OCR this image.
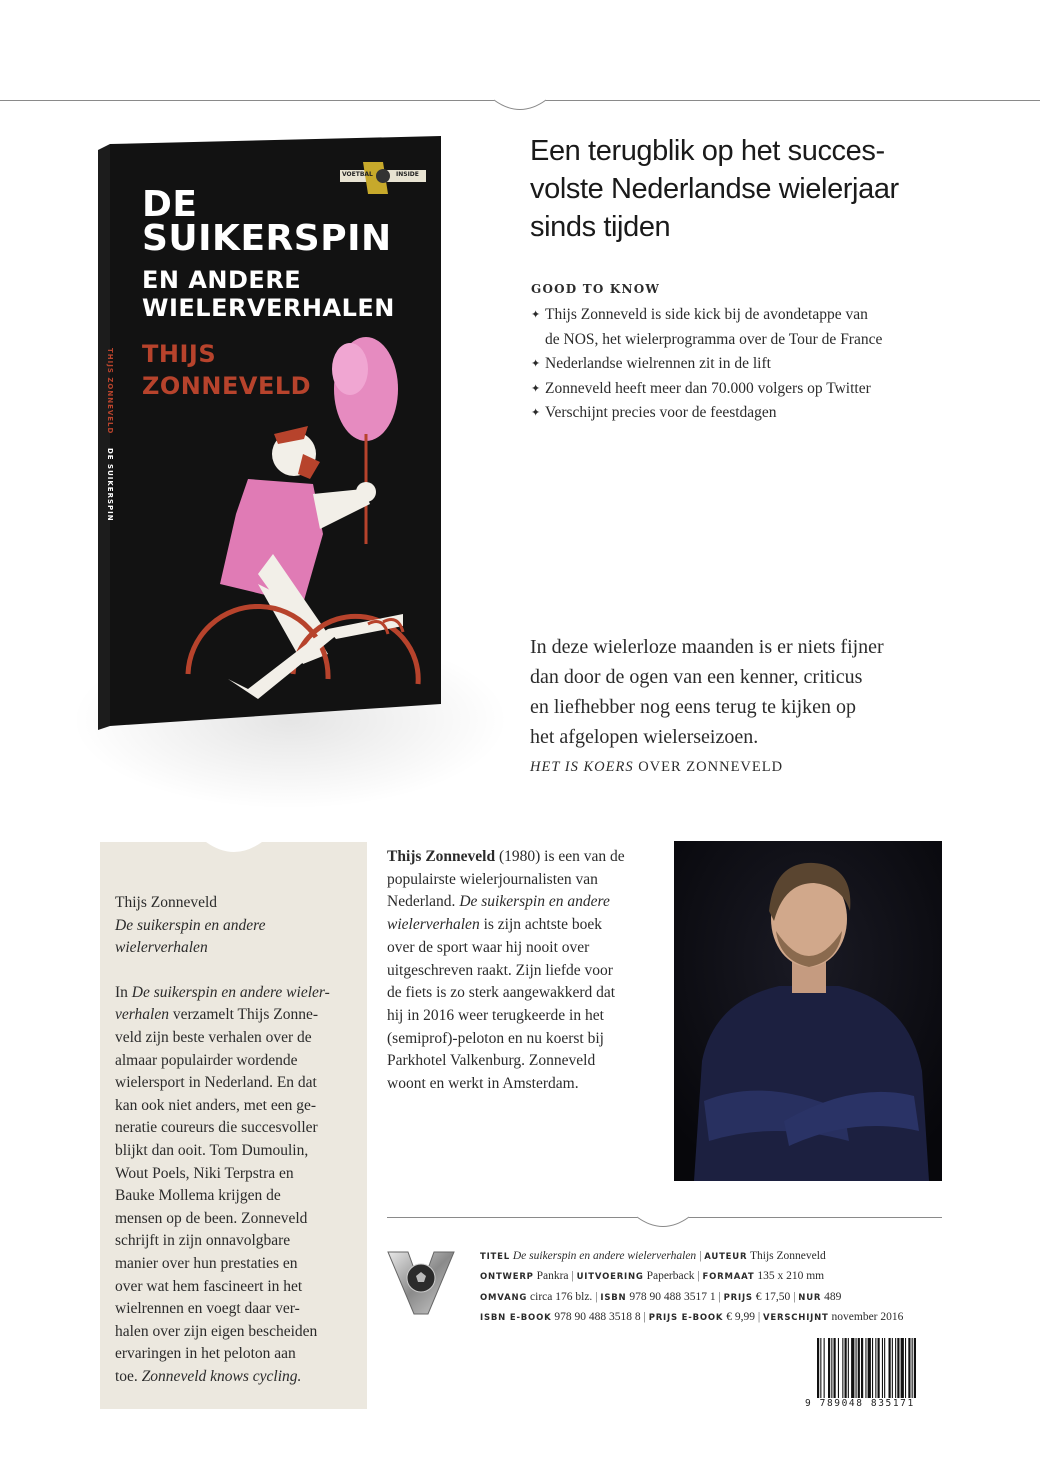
DE
SUIKERSPIN
EN ANDERE
WIELERVERHALEN
THIJS
ZONNEVELD
VOETBAL	INSIDE
THIJS ZONNEVELD
DE SUIKERSPIN
Een terugblik op het succes-
volste Nederlandse wielerjaar
sinds tijden
GOOD TO KNOW
✦ Thijs Zonneveld is side kick bij de avondetappe van
de NOS, het wielerprogramma over de Tour de France
✦ Nederlandse wielrennen zit in de lift
✦ Zonneveld heeft meer dan 70.000 volgers op Twitter
✦ Verschijnt precies voor de feestdagen
In deze wielerloze maanden is er niets fijner
dan door de ogen van een kenner, criticus
en liefhebber nog eens terug te kijken op
het afgelopen wielerseizoen.
HET IS KOERS OVER ZONNEVELD
Thijs Zonneveld
De suikerspin en andere
wielerverhalen
In De suikerspin en andere wieler-
verhalen verzamelt Thijs Zonne-
veld zijn beste verhalen over de
almaar populairder wordende
wielersport in Nederland. En dat
kan ook niet anders, met een ge-
neratie coureurs die succesvoller
blijkt dan ooit. Tom Dumoulin,
Wout Poels, Niki Terpstra en
Bauke Mollema krijgen de
mensen op de been. Zonneveld
schrijft in zijn onnavolgbare
manier over hun prestaties en
over wat hem fascineert in het
wielrennen en voegt daar ver-
halen over zijn eigen bescheiden
ervaringen in het peloton aan
toe. Zonneveld knows cycling.
Thijs Zonneveld (1980) is een van de
populairste wielerjournalisten van
Nederland. De suikerspin en andere
wielerverhalen is zijn achtste boek
over de sport waar hij nooit over
uitgeschreven raakt. Zijn liefde voor
de fiets is zo sterk aangewakkerd dat
hij in 2016 weer terugkeerde in het
(semiprof)-peloton en nu koerst bij
Parkhotel Valkenburg. Zonneveld
woont en werkt in Amsterdam.
TITEL De suikerspin en andere wielerverhalen | AUTEUR Thijs Zonneveld
ONTWERP Pankra | UITVOERING Paperback | FORMAAT 135 x 210 mm
OMVANG circa 176 blz. | ISBN 978 90 488 3517 1 | PRIJS € 17,50 | NUR 489
ISBN E-BOOK 978 90 488 3518 8 | PRIJS E-BOOK € 9,99 | VERSCHIJNT november 2016
9 789048 835171
